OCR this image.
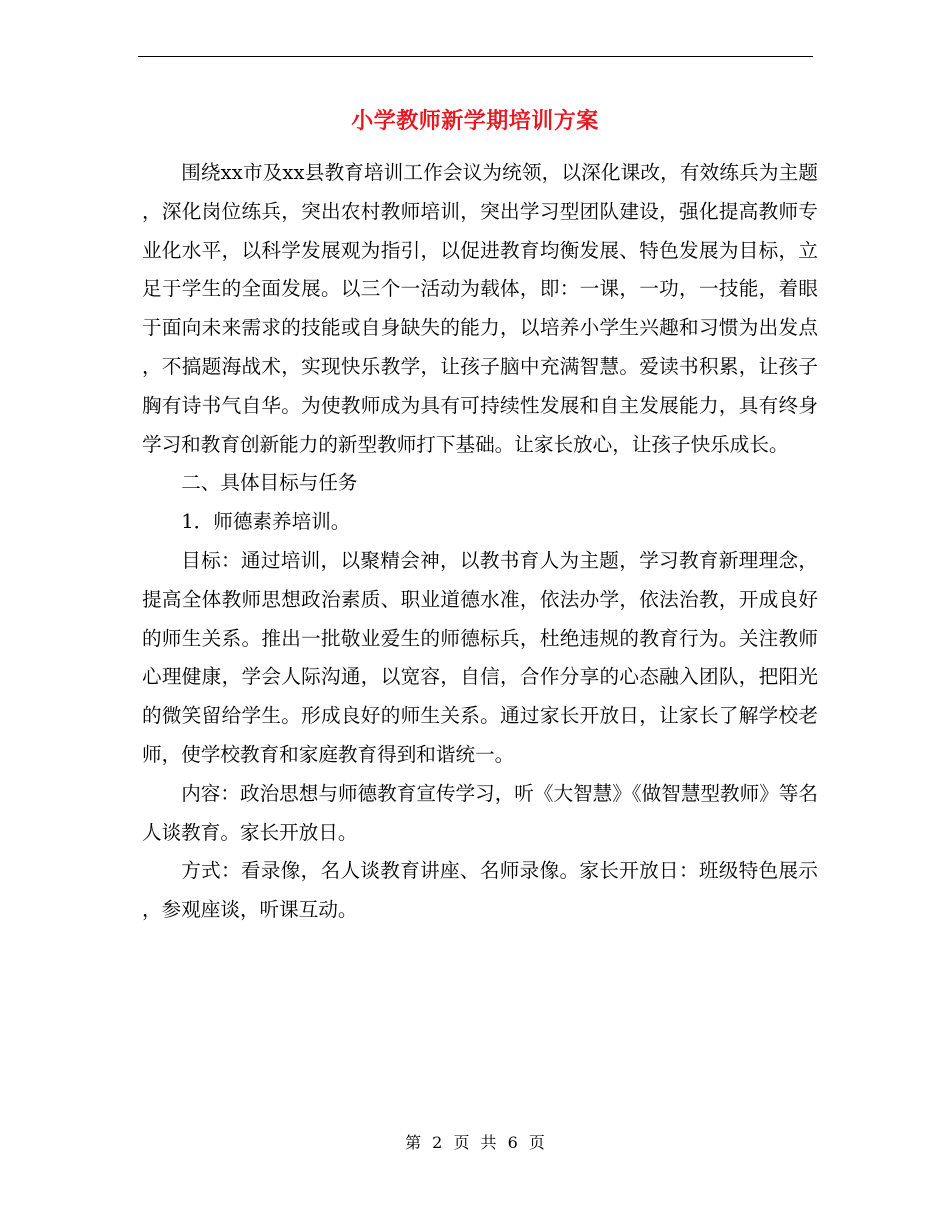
小学教师新学期培训方案

围绕xx市及xx县教育培训工作会议为统领，以深化课改，有效练兵为主题，深化岗位练兵，突出农村教师培训，突出学习型团队建设，强化提高教师专业化水平，以科学发展观为指引，以促进教育均衡发展、特色发展为目标，立足于学生的全面发展。以三个一活动为载体，即：一课，一功，一技能，着眼于面向未来需求的技能或自身缺失的能力，以培养小学生兴趣和习惯为出发点，不搞题海战术，实现快乐教学，让孩子脑中充满智慧。爱读书积累，让孩子胸有诗书气自华。为使教师成为具有可持续性发展和自主发展能力，具有终身学习和教育创新能力的新型教师打下基础。让家长放心，让孩子快乐成长。

二、具体目标与任务

1．师德素养培训。

目标：通过培训，以聚精会神，以教书育人为主题，学习教育新理理念，提高全体教师思想政治素质、职业道德水准，依法办学，依法治教，开成良好的师生关系。推出一批敬业爱生的师德标兵，杜绝违规的教育行为。关注教师心理健康，学会人际沟通，以宽容，自信，合作分享的心态融入团队，把阳光的微笑留给学生。形成良好的师生关系。通过家长开放日，让家长了解学校老师，使学校教育和家庭教育得到和谐统一。

内容：政治思想与师德教育宣传学习，听《大智慧》《做智慧型教师》等名人谈教育。家长开放日。

方式：看录像，名人谈教育讲座、名师录像。家长开放日：班级特色展示，参观座谈，听课互动。

第 2 页 共 6 页
